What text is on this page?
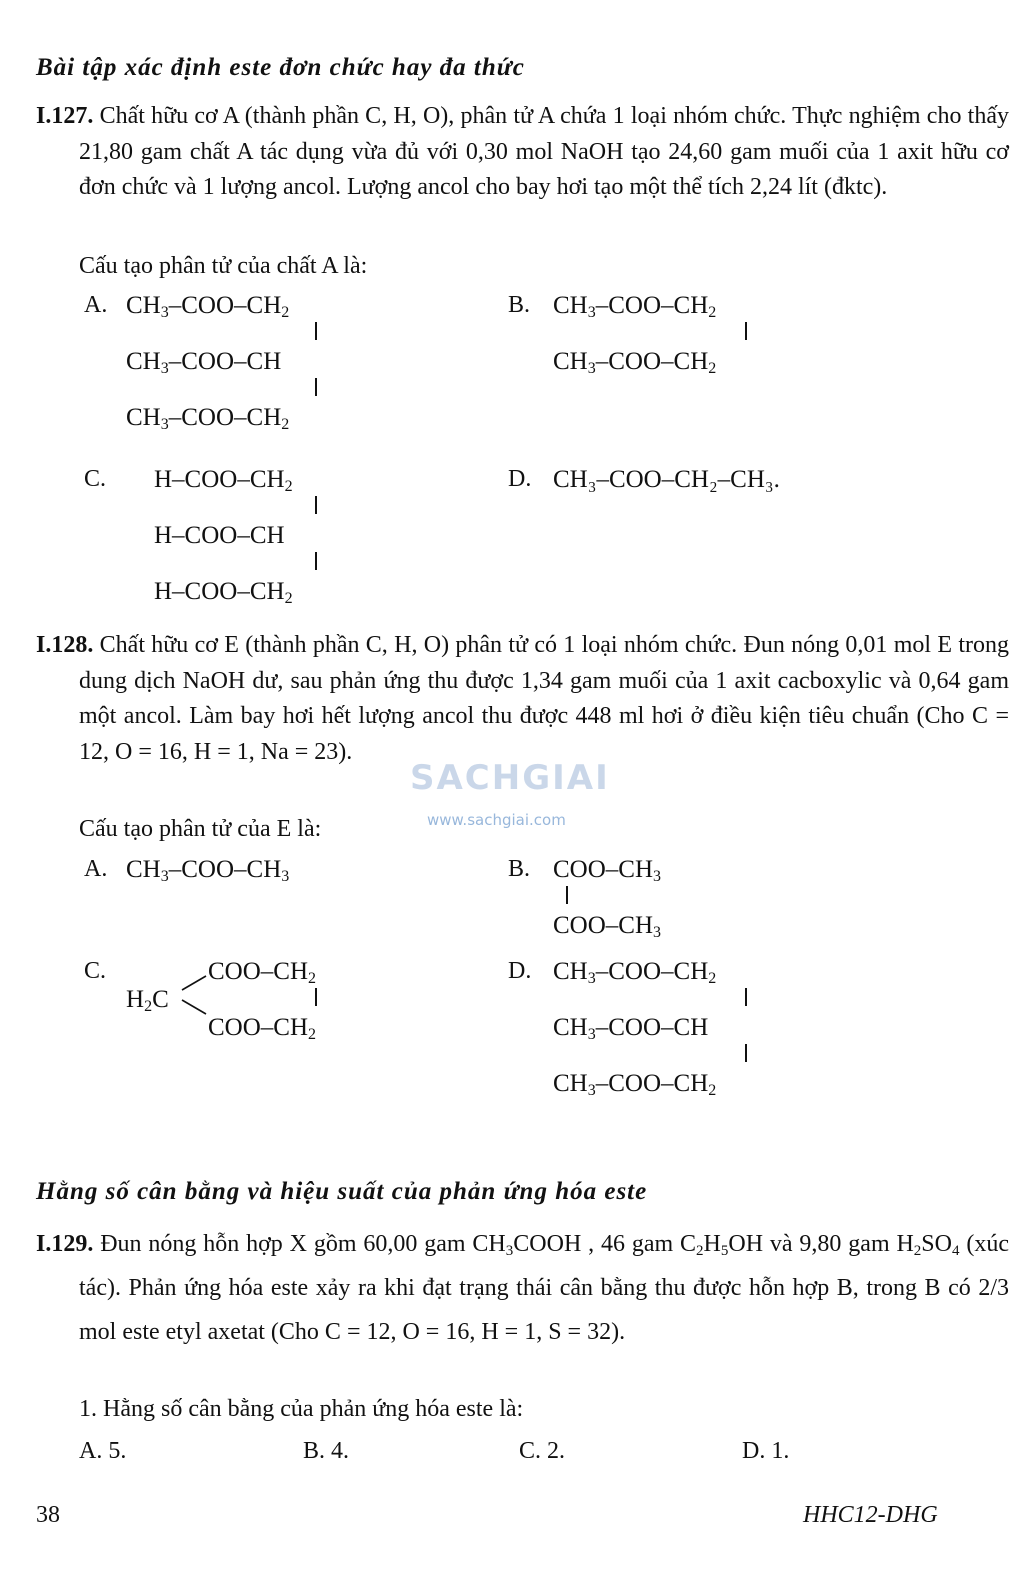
Bài tập xác định este đơn chức hay đa thức
I.127. Chất hữu cơ A (thành phần C, H, O), phân tử A chứa 1 loại nhóm chức. Thực nghiệm cho thấy 21,80 gam chất A tác dụng vừa đủ với 0,30 mol NaOH tạo 24,60 gam muối của 1 axit hữu cơ đơn chức và 1 lượng ancol. Lượng ancol cho bay hơi tạo một thể tích 2,24 lít (đktc).
Cấu tạo phân tử của chất A là:
A. $CH_3-COO-CH_2$
$CH_3-COO-CH$
$CH_3-COO-CH_2$
B. $CH_3-COO-CH_2$
$CH_3-COO-CH_2$
C. $H-COO-CH_2$
H–COO–CH
$H-COO-CH_2$
D. CH₃–COO–CH₂–CH₃.
I.128. Chất hữu cơ E (thành phần C, H, O) phân tử có 1 loại nhóm chức. Đun nóng 0,01 mol E trong dung dịch NaOH dư, sau phản ứng thu được 1,34 gam muối của 1 axit cacboxylic và 0,64 gam một ancol. Làm bay hơi hết lượng ancol thu được 448 ml hơi ở điều kiện tiêu chuẩn (Cho C = 12, O = 16, H = 1, Na = 23).
Cấu tạo phân tử của E là:
SACHGIAI
www.sachgiai.com
A. $CH_3-COO-CH_3$	B. COO–$CH_3$
COO–$CH_3$
C.
$H_2C$
COO–$CH_2$
COO–$CH_2$
D. $CH_3-COO-CH_2$
$CH_3-COO-CH$
$CH_3-COO-CH_2$
Hằng số cân bằng và hiệu suất của phản ứng hóa este
I.129. Đun nóng hỗn hợp X gồm 60,00 gam $CH_3COOH$ , 46 gam $C_2H_5OH$ và 9,80 gam $H_2SO_4$ (xúc tác). Phản ứng hóa este xảy ra khi đạt trạng thái cân bằng thu được hỗn hợp B, trong B có 2/3 mol este etyl axetat (Cho C = 12, O = 16, H = 1, S = 32).
1. Hằng số cân bằng của phản ứng hóa este là:
A. 5.	B. 4.	C. 2.	D. 1.
38	HHC12-DHG
